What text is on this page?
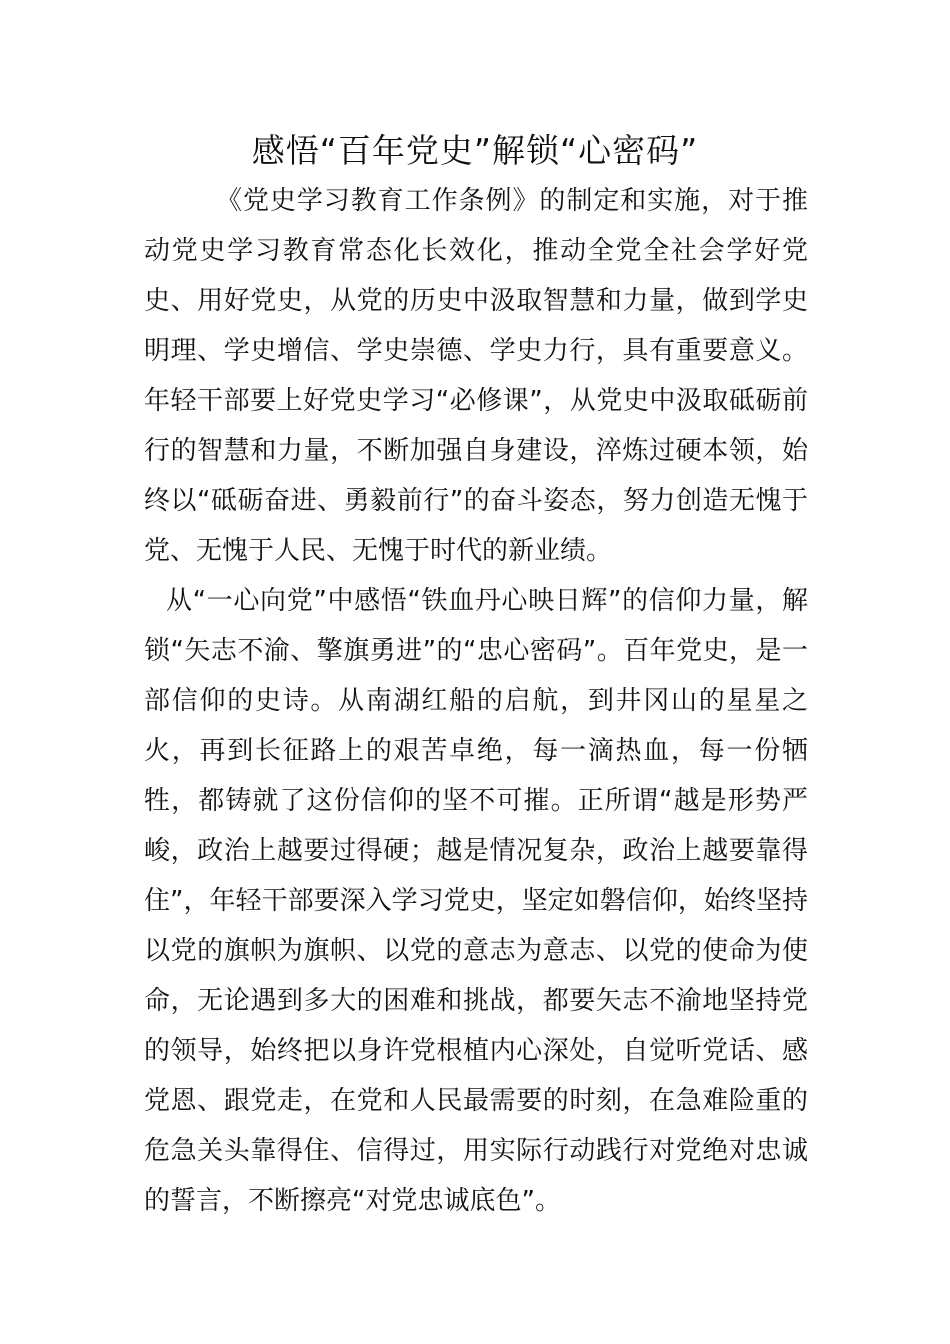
感悟“百年党史”解锁“心密码”

《党史学习教育工作条例》的制定和实施，对于推动党史学习教育常态化长效化，推动全党全社会学好党史、用好党史，从党的历史中汲取智慧和力量，做到学史明理、学史增信、学史崇德、学史力行，具有重要意义。年轻干部要上好党史学习“必修课”，从党史中汲取砥砺前行的智慧和力量，不断加强自身建设，淬炼过硬本领，始终以“砥砺奋进、勇毅前行”的奋斗姿态，努力创造无愧于党、无愧于人民、无愧于时代的新业绩。

从“一心向党”中感悟“铁血丹心映日辉”的信仰力量，解锁“矢志不渝、擎旗勇进”的“忠心密码”。百年党史，是一部信仰的史诗。从南湖红船的启航，到井冈山的星星之火，再到长征路上的艰苦卓绝，每一滴热血，每一份牺牲，都铸就了这份信仰的坚不可摧。正所谓“越是形势严峻，政治上越要过得硬；越是情况复杂，政治上越要靠得住”，年轻干部要深入学习党史，坚定如磐信仰，始终坚持以党的旗帜为旗帜、以党的意志为意志、以党的使命为使命，无论遇到多大的困难和挑战，都要矢志不渝地坚持党的领导，始终把以身许党根植内心深处，自觉听党话、感党恩、跟党走，在党和人民最需要的时刻，在急难险重的危急关头靠得住、信得过，用实际行动践行对党绝对忠诚的誓言，不断擦亮“对党忠诚底色”。
